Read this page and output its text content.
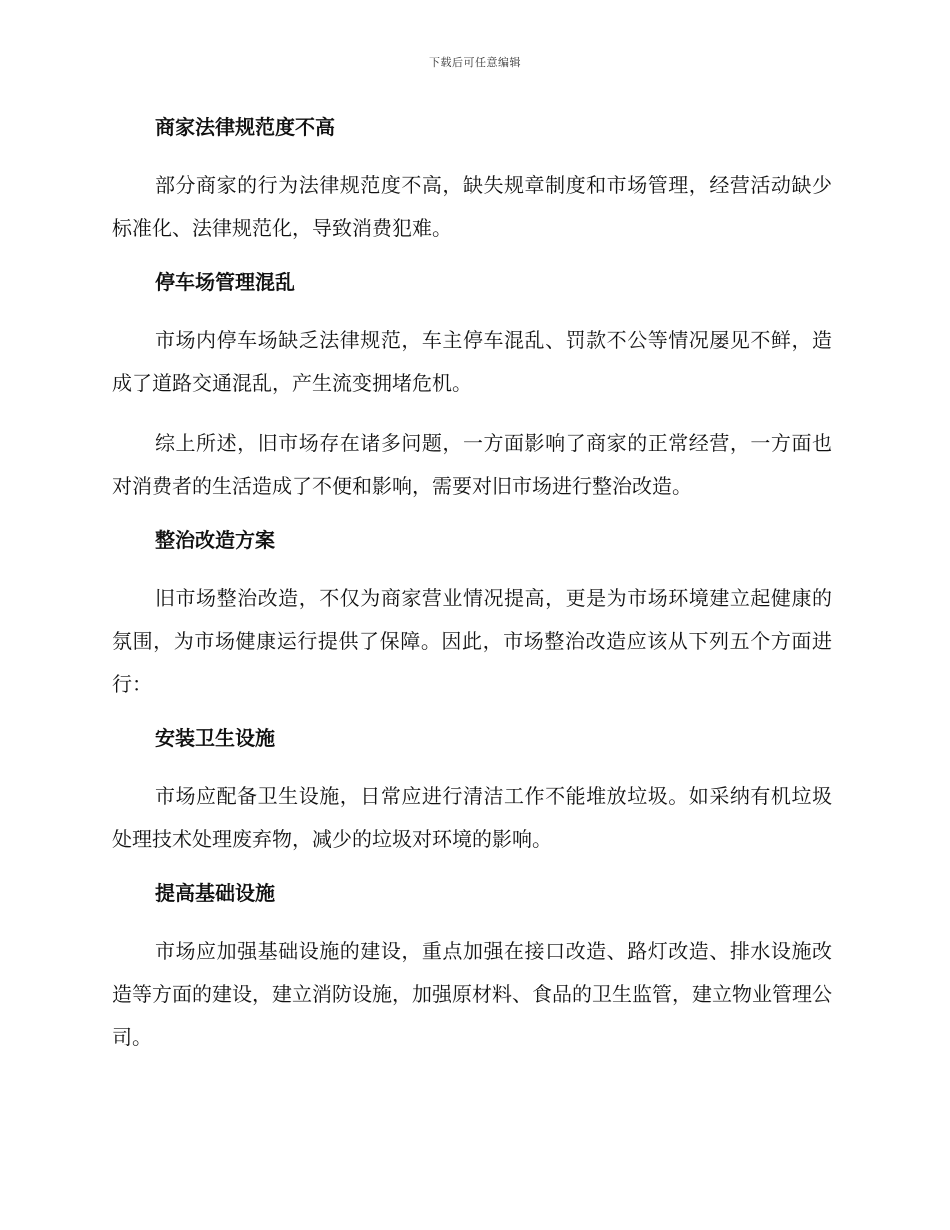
下载后可任意编辑
商家法律规范度不高

部分商家的行为法律规范度不高，缺失规章制度和市场管理，经营活动缺少标准化、法律规范化，导致消费犯难。

停车场管理混乱

市场内停车场缺乏法律规范，车主停车混乱、罚款不公等情况屡见不鲜，造成了道路交通混乱，产生流变拥堵危机。

综上所述，旧市场存在诸多问题，一方面影响了商家的正常经营，一方面也对消费者的生活造成了不便和影响，需要对旧市场进行整治改造。

整治改造方案

旧市场整治改造，不仅为商家营业情况提高，更是为市场环境建立起健康的氛围，为市场健康运行提供了保障。因此，市场整治改造应该从下列五个方面进行：

安装卫生设施

市场应配备卫生设施，日常应进行清洁工作不能堆放垃圾。如采纳有机垃圾处理技术处理废弃物，减少的垃圾对环境的影响。

提高基础设施

市场应加强基础设施的建设，重点加强在接口改造、路灯改造、排水设施改造等方面的建设，建立消防设施，加强原材料、食品的卫生监管，建立物业管理公司。
